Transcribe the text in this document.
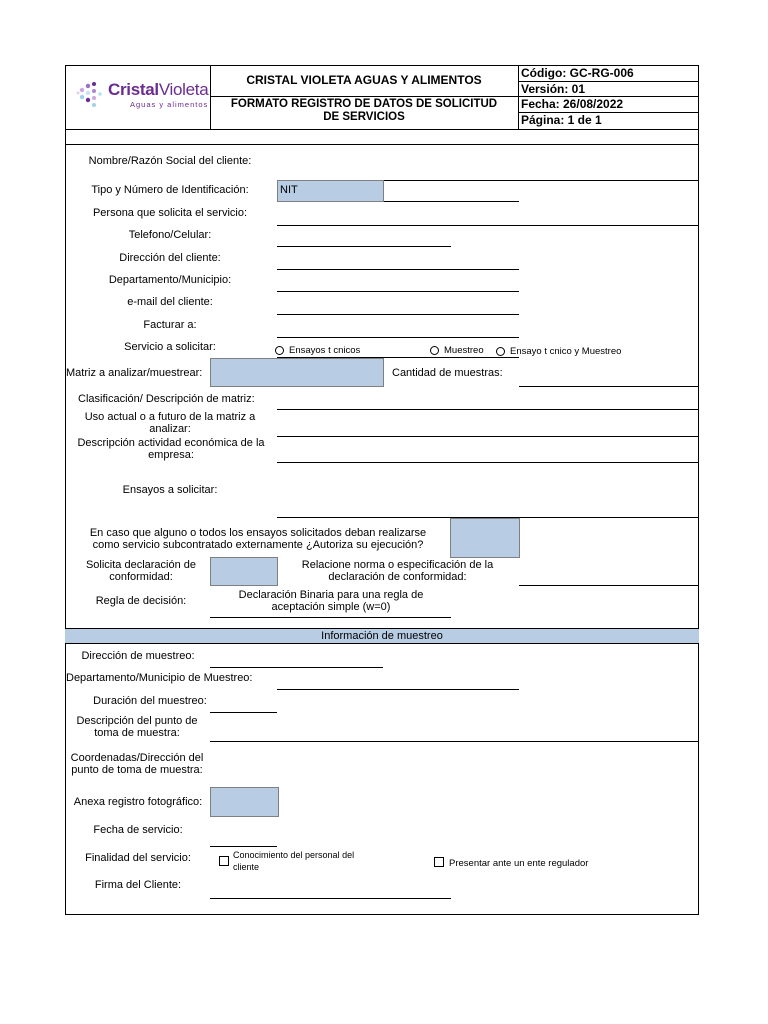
CristalVioleta
Aguas y alimentos
CRISTAL VIOLETA AGUAS Y ALIMENTOS
FORMATO REGISTRO DE DATOS DE SOLICITUD
DE SERVICIOS
Código: GC-RG-006
Versión: 01
Fecha: 26/08/2022
Página: 1 de 1
Nombre/Razón Social del cliente:
Tipo y Número de Identificación:	NIT
Persona que solicita el servicio:
Telefono/Celular:
Dirección del cliente:
Departamento/Municipio:
e-mail del cliente:
Facturar a:
Servicio a solicitar:	Ensayos t cnicos	Muestreo	Ensayo t cnico y Muestreo
Matriz a analizar/muestrear:	Cantidad de muestras:
Clasificación/ Descripción de matriz:
Uso actual o a futuro de la matriz a
analizar:
Descripción actividad económica de la
empresa:
Ensayos a solicitar:
En caso que alguno o todos los ensayos solicitados deban realizarse
como servicio subcontratado externamente ¿Autoriza su ejecución?
Solicita declaración de
conformidad:
Relacione norma o especificación de la
declaración de conformidad:
Regla de decisión:	Declaración Binaria para una regla de
aceptación simple (w=0)
Información de muestreo
Dirección de muestreo:
Departamento/Municipio de Muestreo:
Duración del muestreo:
Descripción del punto de
toma de muestra:
Coordenadas/Dirección del
punto de toma de muestra:
Anexa registro fotográfico:
Fecha de servicio:
Finalidad del servicio:	Conocimiento del personal del
cliente	Presentar ante un ente regulador
Firma del Cliente:
